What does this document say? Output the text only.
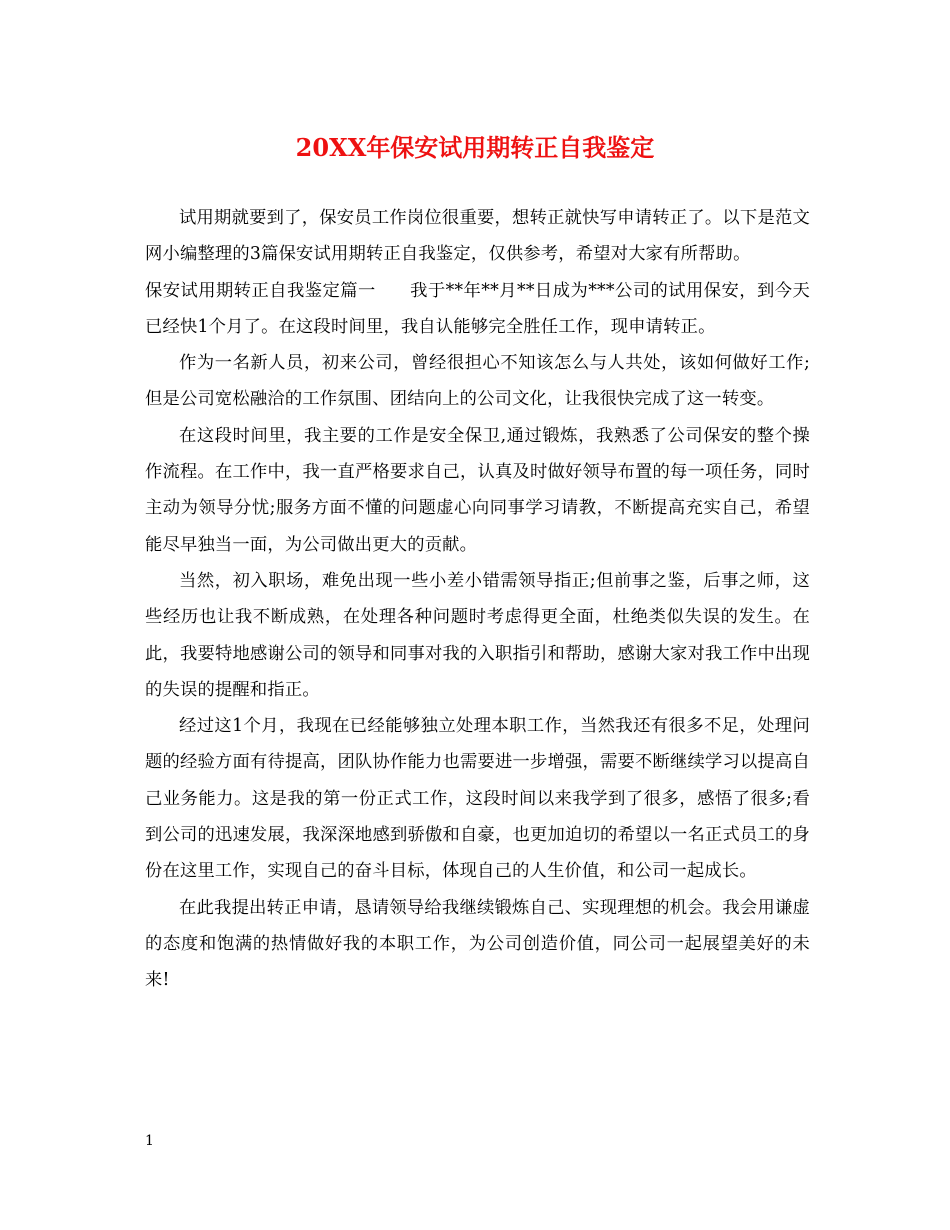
20XX年保安试用期转正自我鉴定

试用期就要到了，保安员工作岗位很重要，想转正就快写申请转正了。以下是范文网小编整理的3篇保安试用期转正自我鉴定，仅供参考，希望对大家有所帮助。

保安试用期转正自我鉴定篇一 我于**年**月**日成为***公司的试用保安，到今天已经快1个月了。在这段时间里，我自认能够完全胜任工作，现申请转正。

作为一名新人员，初来公司，曾经很担心不知该怎么与人共处，该如何做好工作;但是公司宽松融洽的工作氛围、团结向上的公司文化，让我很快完成了这一转变。

在这段时间里，我主要的工作是安全保卫,通过锻炼，我熟悉了公司保安的整个操作流程。在工作中，我一直严格要求自己，认真及时做好领导布置的每一项任务，同时主动为领导分忧;服务方面不懂的问题虚心向同事学习请教，不断提高充实自己，希望能尽早独当一面，为公司做出更大的贡献。

当然，初入职场，难免出现一些小差小错需领导指正;但前事之鉴，后事之师，这些经历也让我不断成熟，在处理各种问题时考虑得更全面，杜绝类似失误的发生。在此，我要特地感谢公司的领导和同事对我的入职指引和帮助，感谢大家对我工作中出现的失误的提醒和指正。

经过这1个月，我现在已经能够独立处理本职工作，当然我还有很多不足，处理问题的经验方面有待提高，团队协作能力也需要进一步增强，需要不断继续学习以提高自己业务能力。这是我的第一份正式工作，这段时间以来我学到了很多，感悟了很多;看到公司的迅速发展，我深深地感到骄傲和自豪，也更加迫切的希望以一名正式员工的身份在这里工作，实现自己的奋斗目标，体现自己的人生价值，和公司一起成长。

在此我提出转正申请，恳请领导给我继续锻炼自己、实现理想的机会。我会用谦虚的态度和饱满的热情做好我的本职工作，为公司创造价值，同公司一起展望美好的未来!

1
